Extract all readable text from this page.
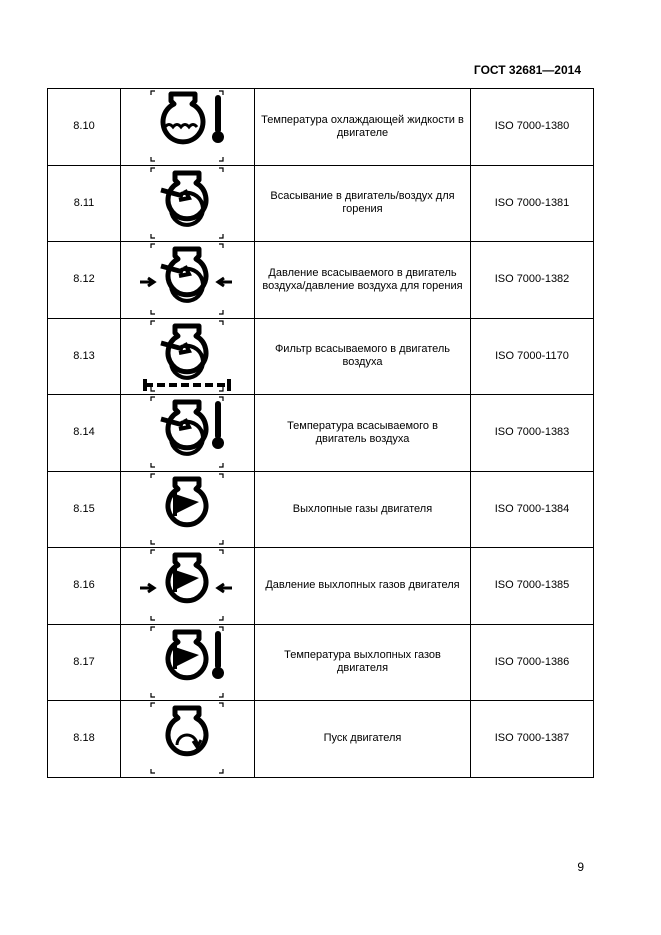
ГОСТ 32681—2014
8.10		Температура охлаждающей жидкости в двигателе	ISO 7000-1380
8.11		Всасывание в двигатель/воздух для горения	ISO 7000-1381
8.12		Давление всасываемого в двигатель воздуха/давление воздуха для горения	ISO 7000-1382
8.13		Фильтр всасываемого в двигатель воздуха	ISO 7000-1170
8.14		Температура всасываемого в двигатель воздуха	ISO 7000-1383
8.15		Выхлопные газы двигателя	ISO 7000-1384
8.16		Давление выхлопных газов двигателя	ISO 7000-1385
8.17		Температура выхлопных газов двигателя	ISO 7000-1386
8.18		Пуск двигателя	ISO 7000-1387
9
